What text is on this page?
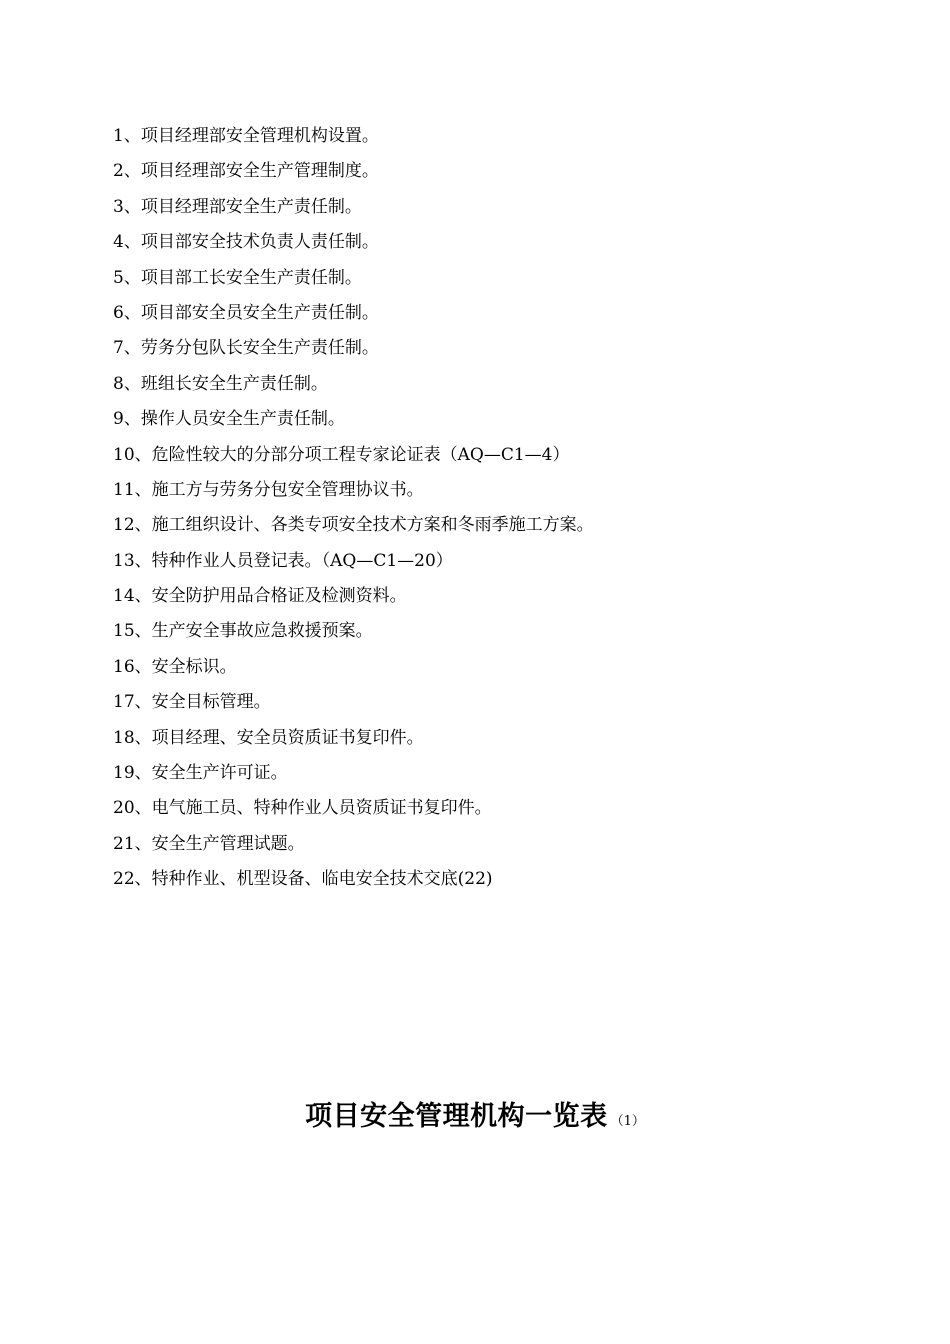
1、项目经理部安全管理机构设置。
2、项目经理部安全生产管理制度。
3、项目经理部安全生产责任制。
4、项目部安全技术负责人责任制。
5、项目部工长安全生产责任制。
6、项目部安全员安全生产责任制。
7、劳务分包队长安全生产责任制。
8、班组长安全生产责任制。
9、操作人员安全生产责任制。
10、危险性较大的分部分项工程专家论证表（AQ—C1—4）
11、施工方与劳务分包安全管理协议书。
12、施工组织设计、各类专项安全技术方案和冬雨季施工方案。
13、特种作业人员登记表。（AQ—C1—20）
14、安全防护用品合格证及检测资料。
15、生产安全事故应急救援预案。
16、安全标识。
17、安全目标管理。
18、项目经理、安全员资质证书复印件。
19、安全生产许可证。
20、电气施工员、特种作业人员资质证书复印件。
21、安全生产管理试题。
22、特种作业、机型设备、临电安全技术交底(22)
项目安全管理机构一览表 （1）
